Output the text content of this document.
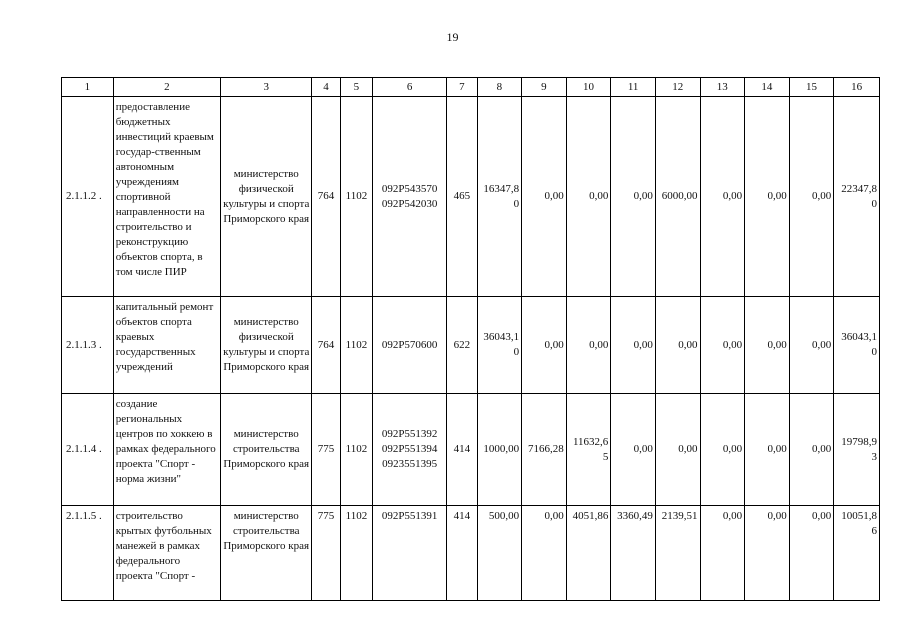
19
1	2	3	4	5	6	7	8	9	10	11	12	13	14	15	16
2.1.1.2 .	предоставление бюджетных инвестиций краевым государ-ственным автономным учреждениям спортивной направленности на строительство и реконструкцию объектов спорта, в том числе ПИР	министерство физической культуры и спорта Приморского края	764	1102	092Р543570 092Р542030	465	16347,80	0,00	0,00	0,00	6000,00	0,00	0,00	0,00	22347,80
2.1.1.3 .	капитальный ремонт объектов спорта краевых государственных учреждений	министерство физической культуры и спорта Приморского края	764	1102	092Р570600	622	36043,10	0,00	0,00	0,00	0,00	0,00	0,00	0,00	36043,10
2.1.1.4 .	создание региональных центров по хоккею в рамках федерального проекта "Спорт - норма жизни"	министерство строительства Приморского края	775	1102	092Р551392 092Р551394 0923551395	414	1000,00	7166,28	11632,65	0,00	0,00	0,00	0,00	0,00	19798,93
2.1.1.5 .	строительство крытых футбольных манежей в рамках федерального проекта "Спорт -	министерство строительства Приморского края	775	1102	092Р551391	414	500,00	0,00	4051,86	3360,49	2139,51	0,00	0,00	0,00	10051,86
